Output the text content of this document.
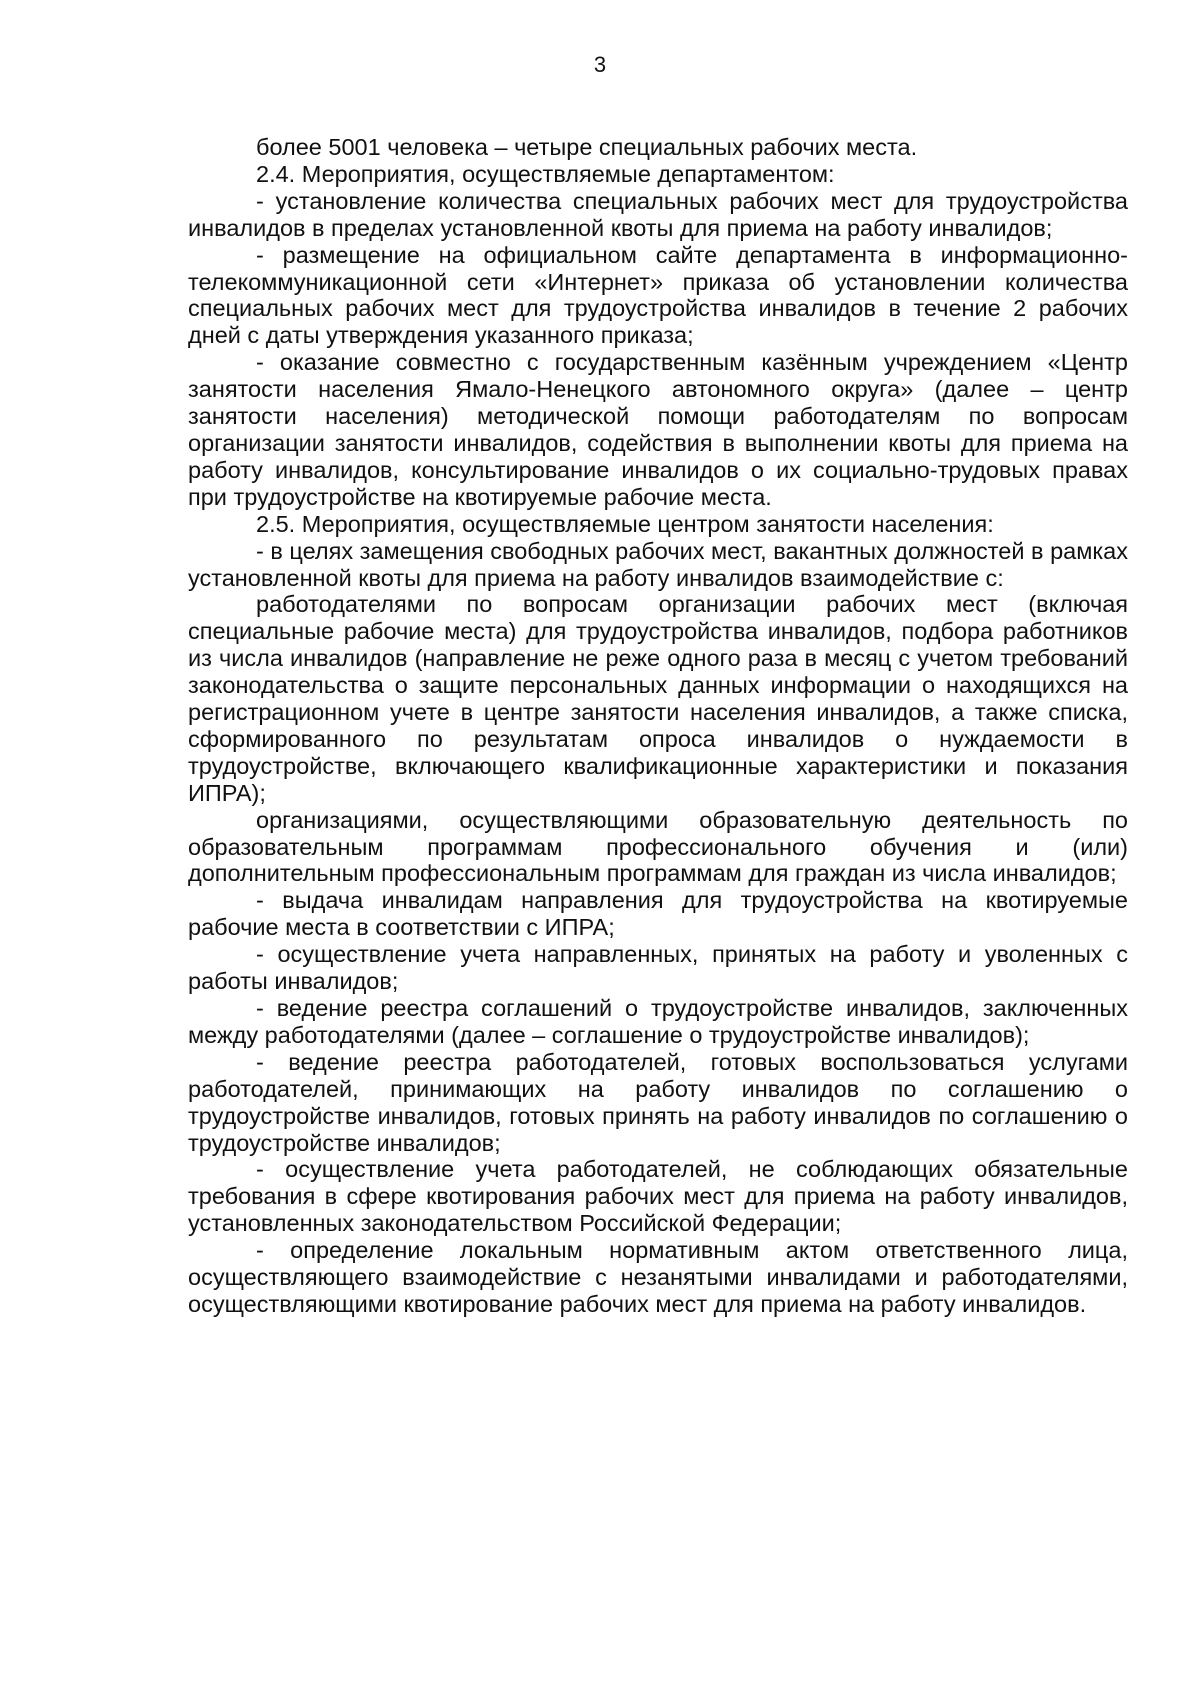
3

более 5001 человека – четыре специальных рабочих места.

2.4. Мероприятия, осуществляемые департаментом:

- установление количества специальных рабочих мест для трудоустройства инвалидов в пределах установленной квоты для приема на работу инвалидов;

- размещение на официальном сайте департамента в информационно-телекоммуникационной сети «Интернет» приказа об установлении количества специальных рабочих мест для трудоустройства инвалидов в течение 2 рабочих дней с даты утверждения указанного приказа;

- оказание совместно с государственным казённым учреждением «Центр занятости населения Ямало-Ненецкого автономного округа» (далее – центр занятости населения) методической помощи работодателям по вопросам организации занятости инвалидов, содействия в выполнении квоты для приема на работу инвалидов, консультирование инвалидов о их социально-трудовых правах при трудоустройстве на квотируемые рабочие места.

2.5. Мероприятия, осуществляемые центром занятости населения:

- в целях замещения свободных рабочих мест, вакантных должностей в рамках установленной квоты для приема на работу инвалидов взаимодействие с:

работодателями по вопросам организации рабочих мест (включая специальные рабочие места) для трудоустройства инвалидов, подбора работников из числа инвалидов (направление не реже одного раза в месяц с учетом требований законодательства о защите персональных данных информации о находящихся на регистрационном учете в центре занятости населения инвалидов, а также списка, сформированного по результатам опроса инвалидов о нуждаемости в трудоустройстве, включающего квалификационные характеристики и показания ИПРА);

организациями, осуществляющими образовательную деятельность по образовательным программам профессионального обучения и (или) дополнительным профессиональным программам для граждан из числа инвалидов;

- выдача инвалидам направления для трудоустройства на квотируемые рабочие места в соответствии с ИПРА;

- осуществление учета направленных, принятых на работу и уволенных с работы инвалидов;

- ведение реестра соглашений о трудоустройстве инвалидов, заключенных между работодателями (далее – соглашение о трудоустройстве инвалидов);

- ведение реестра работодателей, готовых воспользоваться услугами работодателей, принимающих на работу инвалидов по соглашению о трудоустройстве инвалидов, готовых принять на работу инвалидов по соглашению о трудоустройстве инвалидов;

- осуществление учета работодателей, не соблюдающих обязательные требования в сфере квотирования рабочих мест для приема на работу инвалидов, установленных законодательством Российской Федерации;

- определение локальным нормативным актом ответственного лица, осуществляющего взаимодействие с незанятыми инвалидами и работодателями, осуществляющими квотирование рабочих мест для приема на работу инвалидов.
